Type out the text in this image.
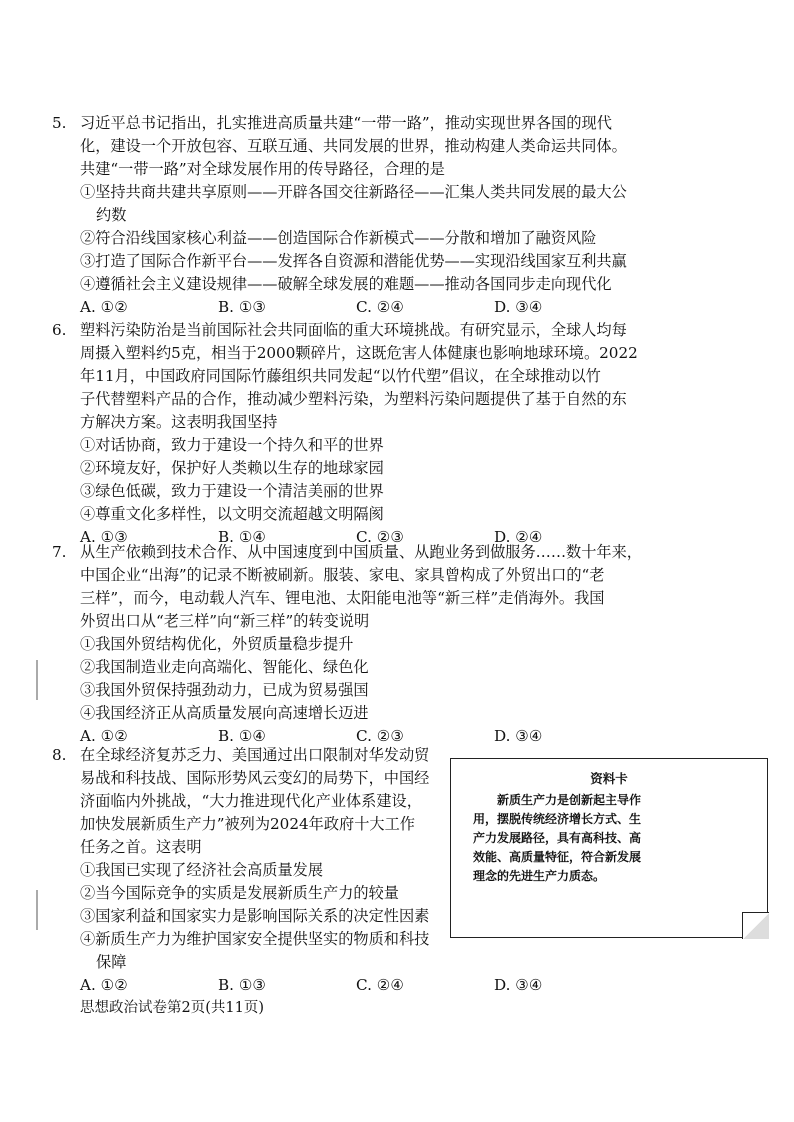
5. 习近平总书记指出，扎实推进高质量共建“一带一路”，推动实现世界各国的现代
化，建设一个开放包容、互联互通、共同发展的世界，推动构建人类命运共同体。
共建“一带一路”对全球发展作用的传导路径，合理的是
①坚持共商共建共享原则——开辟各国交往新路径——汇集人类共同发展的最大公
约数
②符合沿线国家核心利益——创造国际合作新模式——分散和增加了融资风险
③打造了国际合作新平台——发挥各自资源和潜能优势——实现沿线国家互利共赢
④遵循社会主义建设规律——破解全球发展的难题——推动各国同步走向现代化
A. ①②	B. ①③	C. ②④	D. ③④
6. 塑料污染防治是当前国际社会共同面临的重大环境挑战。有研究显示，全球人均每
周摄入塑料约5克，相当于2000颗碎片，这既危害人体健康也影响地球环境。2022
年11月，中国政府同国际竹藤组织共同发起“以竹代塑”倡议，在全球推动以竹
子代替塑料产品的合作，推动减少塑料污染，为塑料污染问题提供了基于自然的东
方解决方案。这表明我国坚持
①对话协商，致力于建设一个持久和平的世界
②环境友好，保护好人类赖以生存的地球家园
③绿色低碳，致力于建设一个清洁美丽的世界
④尊重文化多样性，以文明交流超越文明隔阂
A. ①③	B. ①④	C. ②③	D. ②④
7. 从生产依赖到技术合作、从中国速度到中国质量、从跑业务到做服务……数十年来，
中国企业“出海”的记录不断被刷新。服装、家电、家具曾构成了外贸出口的“老
三样”，而今，电动载人汽车、锂电池、太阳能电池等“新三样”走俏海外。我国
外贸出口从“老三样”向“新三样”的转变说明
①我国外贸结构优化，外贸质量稳步提升
②我国制造业走向高端化、智能化、绿色化
③我国外贸保持强劲动力，已成为贸易强国
④我国经济正从高质量发展向高速增长迈进
A. ①②	B. ①④	C. ②③	D. ③④
8. 在全球经济复苏乏力、美国通过出口限制对华发动贸
易战和科技战、国际形势风云变幻的局势下，中国经
济面临内外挑战，“大力推进现代化产业体系建设，
加快发展新质生产力”被列为2024年政府十大工作
任务之首。这表明
①我国已实现了经济社会高质量发展
②当今国际竞争的实质是发展新质生产力的较量
③国家利益和国家实力是影响国际关系的决定性因素
④新质生产力为维护国家安全提供坚实的物质和科技
保障
A. ①②	B. ①③	C. ②④	D. ③④
资料卡
新质生产力是创新起主导作用，摆脱传统经济增长方式、生产力发展路径，具有高科技、高效能、高质量特征，符合新发展理念的先进生产力质态。
思想政治试卷第2页(共11页)
